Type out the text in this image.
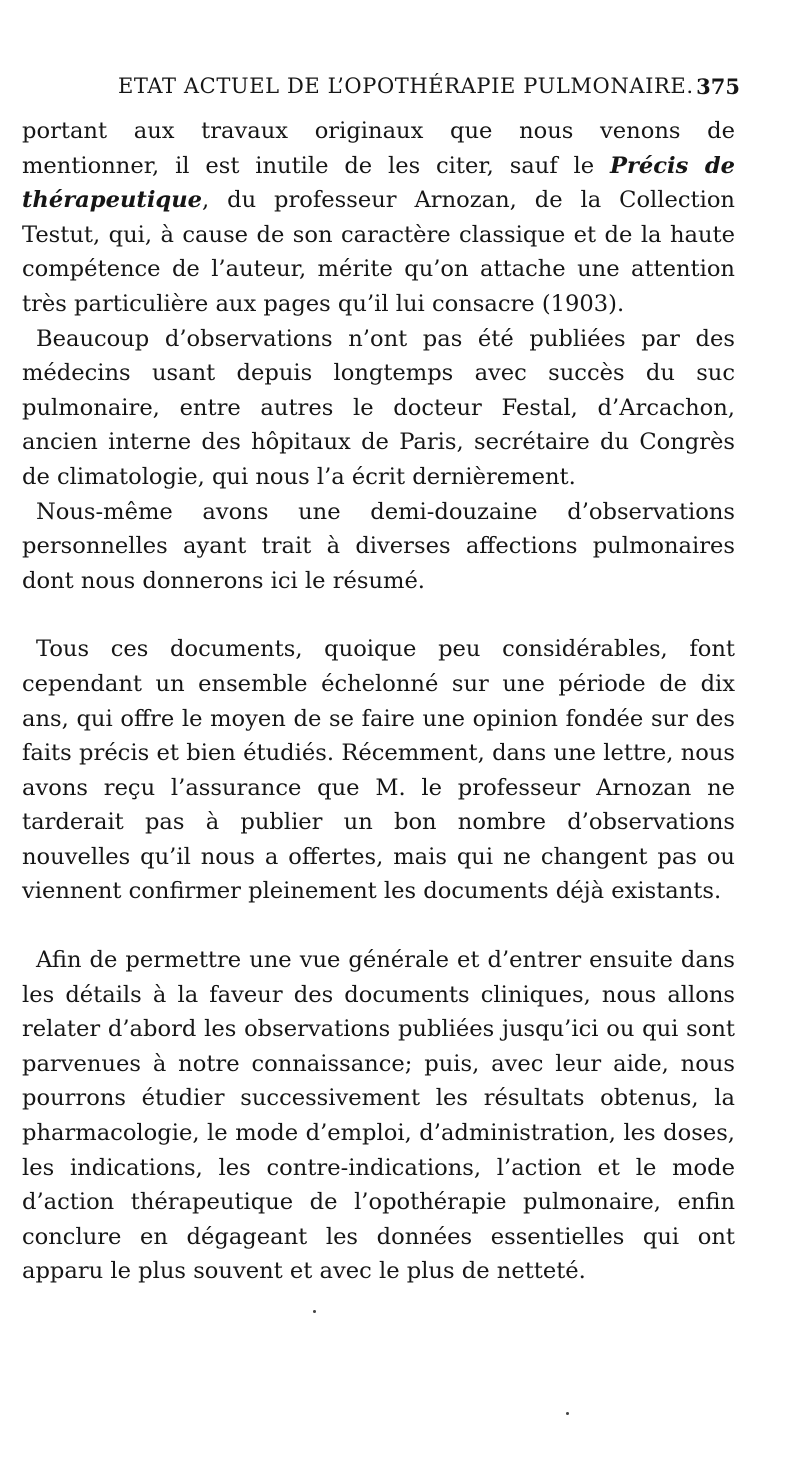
ETAT ACTUEL DE L’OPOTHÉRAPIE PULMONAIRE. 375

portant aux travaux originaux que nous venons de mentionner, il est inutile de les citer, sauf le Précis de thérapeutique, du professeur Arnozan, de la Collection Testut, qui, à cause de son caractère classique et de la haute compétence de l’auteur, mérite qu’on attache une attention très particulière aux pages qu’il lui consacre (1903).

Beaucoup d’observations n’ont pas été publiées par des médecins usant depuis longtemps avec succès du suc pulmonaire, entre autres le docteur Festal, d’Arcachon, ancien interne des hôpitaux de Paris, secrétaire du Congrès de climatologie, qui nous l’a écrit dernièrement.

Nous-même avons une demi-douzaine d’observations personnelles ayant trait à diverses affections pulmonaires dont nous donnerons ici le résumé.

Tous ces documents, quoique peu considérables, font cependant un ensemble échelonné sur une période de dix ans, qui offre le moyen de se faire une opinion fondée sur des faits précis et bien étudiés. Récemment, dans une lettre, nous avons reçu l’assurance que M. le professeur Arnozan ne tarderait pas à publier un bon nombre d’observations nouvelles qu’il nous a offertes, mais qui ne changent pas ou viennent confirmer pleinement les documents déjà existants.

Afin de permettre une vue générale et d’entrer ensuite dans les détails à la faveur des documents cliniques, nous allons relater d’abord les observations publiées jusqu’ici ou qui sont parvenues à notre connaissance; puis, avec leur aide, nous pourrons étudier successivement les résultats obtenus, la pharmacologie, le mode d’emploi, d’administration, les doses, les indications, les contre-indications, l’action et le mode d’action thérapeutique de l’opothérapie pulmonaire, enfin conclure en dégageant les données essentielles qui ont apparu le plus souvent et avec le plus de netteté.
